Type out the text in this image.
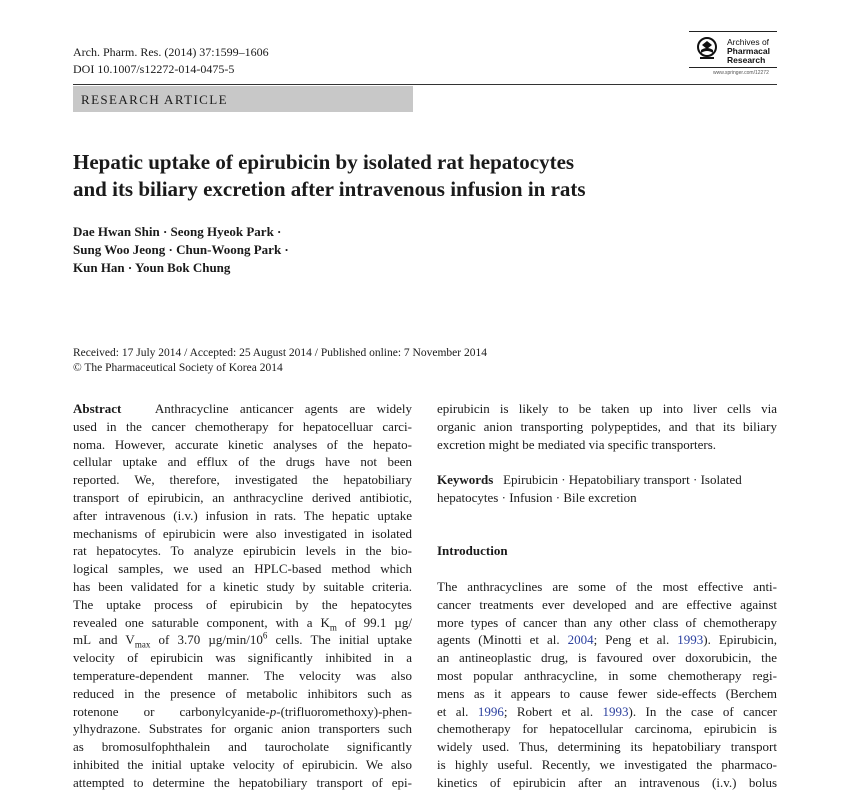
Arch. Pharm. Res. (2014) 37:1599–1606
DOI 10.1007/s12272-014-0475-5
Archives of
Pharmacal
Research
www.springer.com/12272
RESEARCH ARTICLE
Hepatic uptake of epirubicin by isolated rat hepatocytes
and its biliary excretion after intravenous infusion in rats
Dae Hwan Shin · Seong Hyeok Park ·
Sung Woo Jeong · Chun-Woong Park ·
Kun Han · Youn Bok Chung
Received: 17 July 2014 / Accepted: 25 August 2014 / Published online: 7 November 2014
© The Pharmaceutical Society of Korea 2014
Abstract	Anthracycline anticancer agents are widely
used in the cancer chemotherapy for hepatocelluar carci-
noma. However, accurate kinetic analyses of the hepato-
cellular uptake and efflux of the drugs have not been
reported. We, therefore, investigated the hepatobiliary
transport of epirubicin, an anthracycline derived antibiotic,
after intravenous (i.v.) infusion in rats. The hepatic uptake
mechanisms of epirubicin were also investigated in isolated
rat hepatocytes. To analyze epirubicin levels in the bio-
logical samples, we used an HPLC-based method which
has been validated for a kinetic study by suitable criteria.
The uptake process of epirubicin by the hepatocytes
revealed one saturable component, with a $K_m$ of 99.1 µg/
mL and $V_{max}$ of 3.70 $\mu g/\min/10^6$ cells. The initial uptake
velocity of epirubicin was significantly inhibited in a
temperature-dependent manner. The velocity was also
reduced in the presence of metabolic inhibitors such as
rotenone or carbonylcyanide-p-(trifluoromethoxy)-phen-
ylhydrazone. Substrates for organic anion transporters such
as bromosulfophthalein and taurocholate significantly
inhibited the initial uptake velocity of epirubicin. We also
attempted to determine the hepatobiliary transport of epi-
epirubicin is likely to be taken up into liver cells via
organic anion transporting polypeptides, and that its biliary
excretion might be mediated via specific transporters.
Keywords Epirubicin · Hepatobiliary transport · Isolated
hepatocytes · Infusion · Bile excretion
Introduction
The anthracyclines are some of the most effective anti-
cancer treatments ever developed and are effective against
more types of cancer than any other class of chemotherapy
agents (Minotti et al. 2004; Peng et al. 1993). Epirubicin,
an antineoplastic drug, is favoured over doxorubicin, the
most popular anthracycline, in some chemotherapy regi-
mens as it appears to cause fewer side-effects (Berchem
et al. 1996; Robert et al. 1993). In the case of cancer
chemotherapy for hepatocellular carcinoma, epirubicin is
widely used. Thus, determining its hepatobiliary transport
is highly useful. Recently, we investigated the pharmaco-
kinetics of epirubicin after an intravenous (i.v.) bolus
